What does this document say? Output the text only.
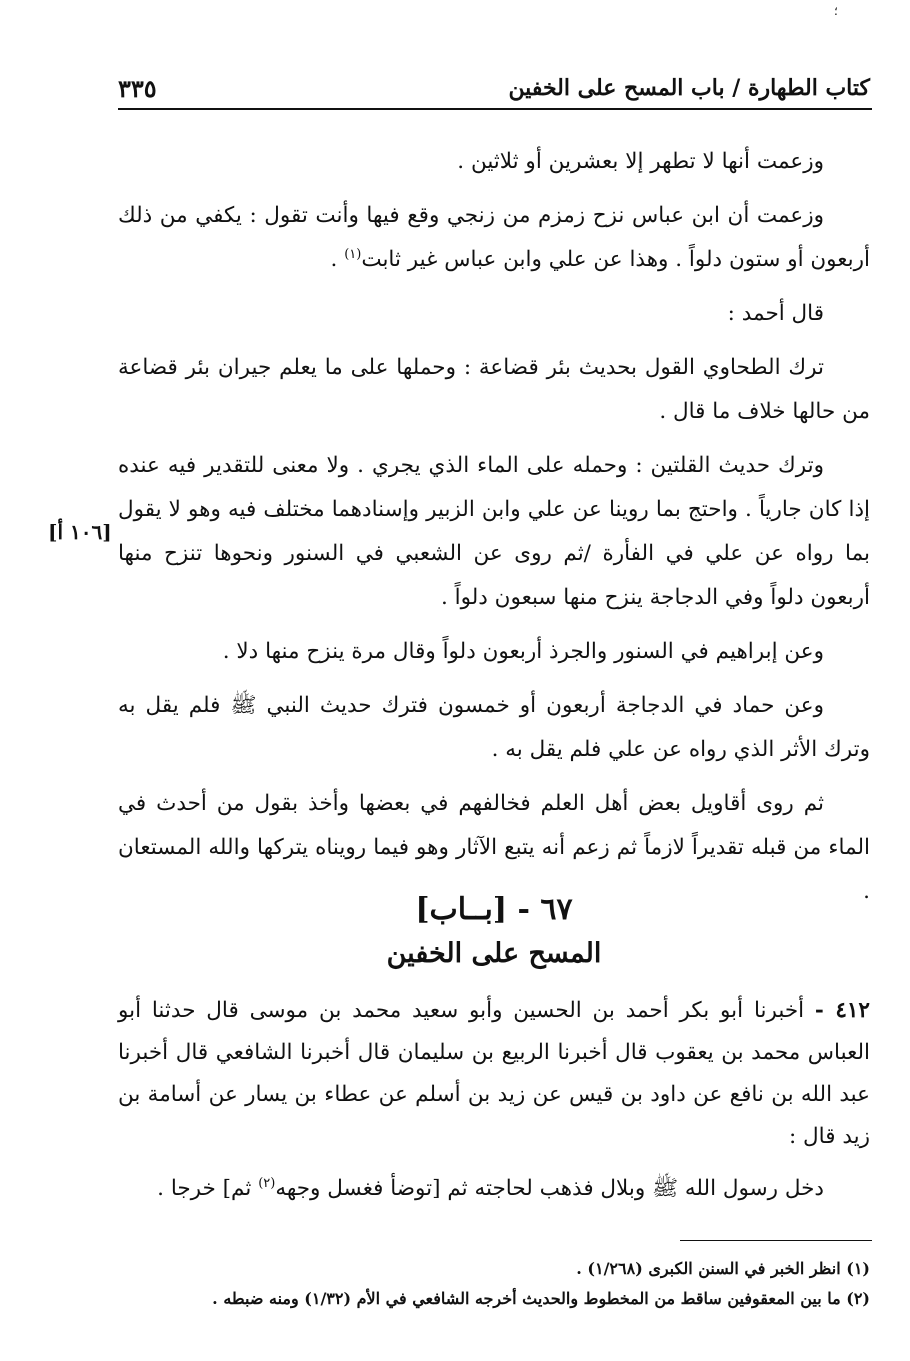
؛
٣٣٥	كتاب الطهارة / باب المسح على الخفين
[١٠٦ أ]

وزعمت أنها لا تطهر إلا بعشرين أو ثلاثين .

وزعمت أن ابن عباس نزح زمزم من زنجي وقع فيها وأنت تقول : يكفي من ذلك أربعون أو ستون دلواً . وهذا عن علي وابن عباس غير ثابت$^{(١)}$ .

قال أحمد :

ترك الطحاوي القول بحديث بئر قضاعة : وحملها على ما يعلم جيران بئر قضاعة من حالها خلاف ما قال .

وترك حديث القلتين : وحمله على الماء الذي يجري . ولا معنى للتقدير فيه عنده إذا كان جارياً . واحتج بما روينا عن علي وابن الزبير وإسنادهما مختلف فيه وهو لا يقول بما رواه عن علي في الفأرة /ثم روى عن الشعبي في السنور ونحوها تنزح منها أربعون دلواً وفي الدجاجة ينزح منها سبعون دلواً .

وعن إبراهيم في السنور والجرذ أربعون دلواً وقال مرة ينزح منها دلا .

وعن حماد في الدجاجة أربعون أو خمسون فترك حديث النبي ﷺ فلم يقل به وترك الأثر الذي رواه عن علي فلم يقل به .

ثم روى أقاويل بعض أهل العلم فخالفهم في بعضها وأخذ بقول من أحدث في الماء من قبله تقديراً لازماً ثم زعم أنه يتبع الآثار وهو فيما رويناه يتركها والله المستعان .

٦٧ - [بــاب]
المسح على الخفين

٤١٢ - أخبرنا أبو بكر أحمد بن الحسين وأبو سعيد محمد بن موسى قال حدثنا أبو العباس محمد بن يعقوب قال أخبرنا الربيع بن سليمان قال أخبرنا الشافعي قال أخبرنا عبد الله بن نافع عن داود بن قيس عن زيد بن أسلم عن عطاء بن يسار عن أسامة بن زيد قال :

دخل رسول الله ﷺ وبلال فذهب لحاجته ثم [توضأ فغسل وجهه$^{(٢)}$ ثم] خرجا .

(١) انظر الخبر في السنن الكبرى (١/٢٦٨) .

(٢) ما بين المعقوفين ساقط من المخطوط والحديث أخرجه الشافعي في الأم (١/٣٢) ومنه ضبطه .
